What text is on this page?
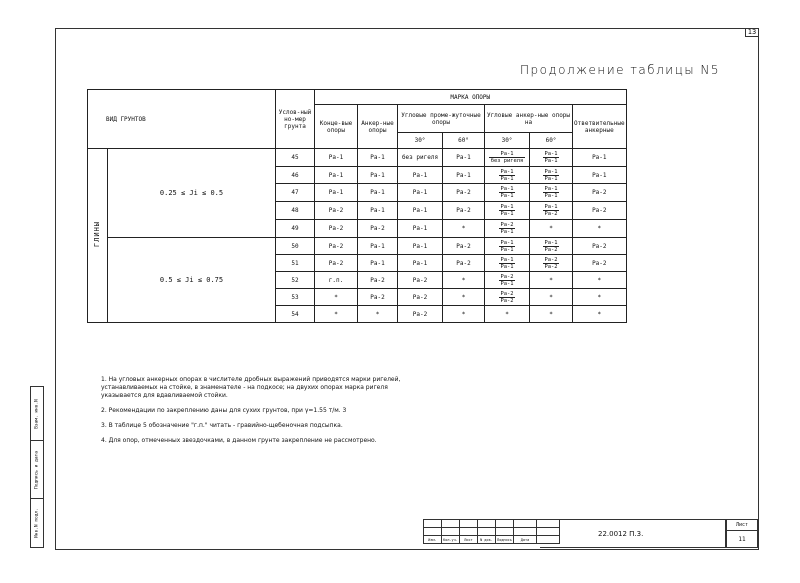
13
Продолжение таблицы N5
ВИД ГРУНТОВ		Услов-ный но-мер грунта	МАРКА ОПОРЫ						
			Конце-вые опоры	Анкер-ные опоры	Угловые проме-жуточные опоры		Угловые анкер-ные опоры на		Ответвительные анкерные
					30°	60°	30°	60°	
ГЛИНЫ	0.25 ≤ Ji ≤ 0.5	45	Pa-1	Pa-1	без ригеля	Pa-1	$\frac{Pa-1}{\text{без ригеля}}$	$\frac{Pa-1}{Pa-1}$	Pa-1
		46	Pa-1	Pa-1	Pa-1	Pa-1	$\frac{Pa-1}{Pa-1}$	$\frac{Pa-1}{Pa-1}$	Pa-1
		47	Pa-1	Pa-1	Pa-1	Pa-2	$\frac{Pa-1}{Pa-1}$	$\frac{Pa-1}{Pa-1}$	Pa-2
		48	Pa-2	Pa-1	Pa-1	Pa-2	$\frac{Pa-1}{Pa-1}$	$\frac{Pa-1}{Pa-2}$	Pa-2
		49	Pa-2	Pa-2	Pa-1	*	$\frac{Pa-2}{Pa-1}$	*	*
	0.5 ≤ Ji ≤ 0.75	50	Pa-2	Pa-1	Pa-1	Pa-2	$\frac{Pa-1}{Pa-1}$	$\frac{Pa-1}{Pa-2}$	Pa-2
		51	Pa-2	Pa-1	Pa-1	Pa-2	$\frac{Pa-1}{Pa-1}$	$\frac{Pa-2}{Pa-2}$	Pa-2
		52	г.п.	Pa-2	Pa-2	*	$\frac{Pa-2}{Pa-1}$	*	*
		53	*	Pa-2	Pa-2	*	$\frac{Pa-2}{Pa-2}$	*	*
		54	*	*	Pa-2	*	*	*	*

1. На угловых анкерных опорах в числителе дробных выражений приводятся марки ригелей,
устанавливаемых на стойке, в знаменателе - на подкосе; на двухих опорах марка ригеля
указывается для вдавливаемой стойки.

2. Рекомендации по закреплению даны для сухих грунтов, при γ=1.55 т/м. 3

3. В таблице 5 обозначение "г.п." читать - гравийно-щебеночная подсыпка.

4. Для опор, отмеченных звездочками, в данном грунте закрепление не рассмотрено.

Взам. инв.N
Подпись и дата
Инв.N подл.

Изм.	Кол.уч.	Лист	N док.	Подпись	Дата	
22.0012 П.3.
Лист
11
